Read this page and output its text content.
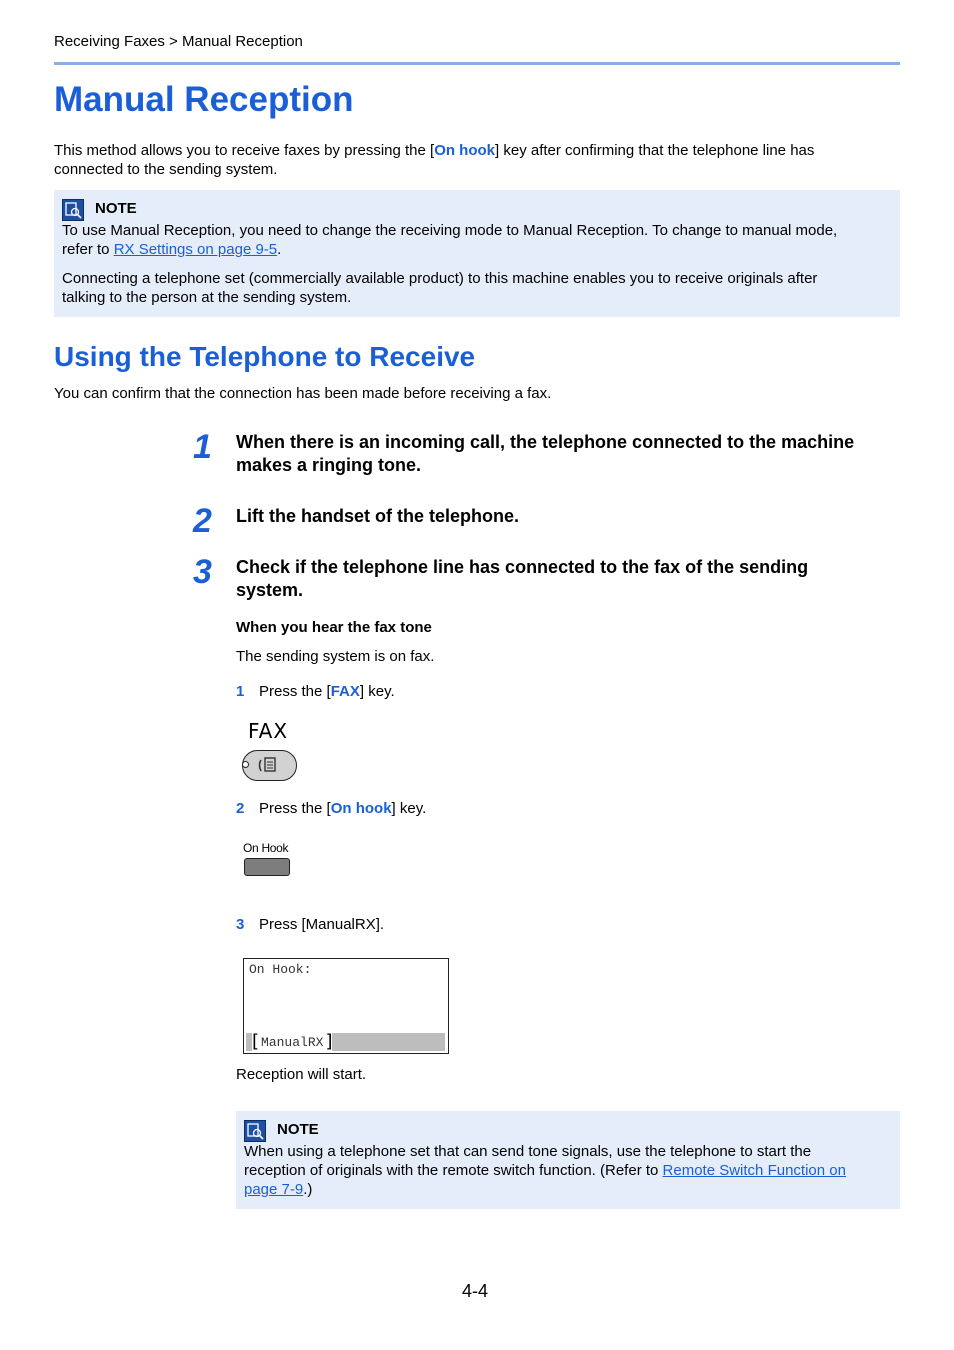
Receiving Faxes > Manual Reception
Manual Reception
This method allows you to receive faxes by pressing the [On hook] key after confirming that the telephone line has
connected to the sending system.
NOTE
To use Manual Reception, you need to change the receiving mode to Manual Reception. To change to manual mode,
refer to RX Settings on page 9-5.
Connecting a telephone set (commercially available product) to this machine enables you to receive originals after
talking to the person at the sending system.
Using the Telephone to Receive
You can confirm that the connection has been made before receiving a fax.
1 When there is an incoming call, the telephone connected to the machine
makes a ringing tone.
2 Lift the handset of the telephone.
3 Check if the telephone line has connected to the fax of the sending
system.
When you hear the fax tone
The sending system is on fax.
1 Press the [FAX] key.
FAX
2 Press the [On hook] key.
On Hook
3 Press [ManualRX].
On Hook:
[ ManualRX ]
Reception will start.
NOTE
When using a telephone set that can send tone signals, use the telephone to start the
reception of originals with the remote switch function. (Refer to Remote Switch Function on
page 7-9.)
4-4
